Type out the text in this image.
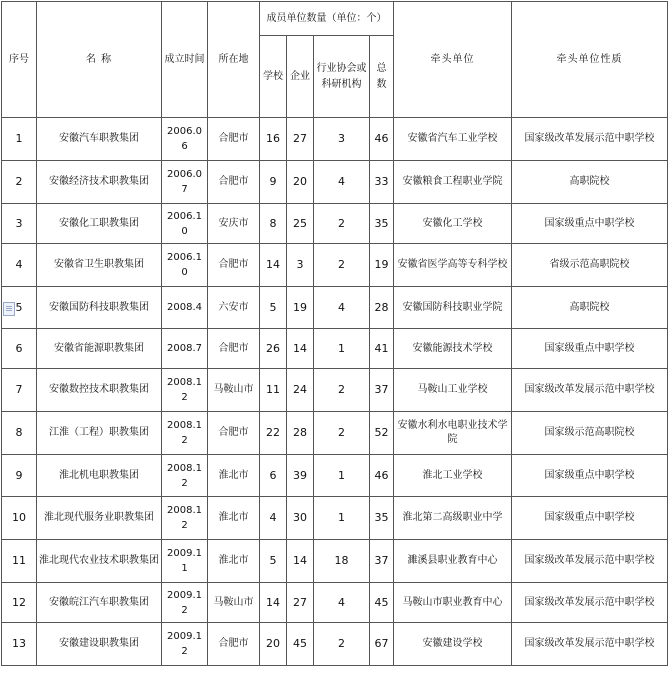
序号	名 称	成立时间	所在地	成员单位数量（单位：个）				牵头单位	牵头单位性质
				学校	企业	行业协会或科研机构	总数		
1	安徽汽车职教集团	2006.06	合肥市	16	27	3	46	安徽省汽车工业学校	国家级改革发展示范中职学校
2	安徽经济技术职教集团	2006.07	合肥市	9	20	4	33	安徽粮食工程职业学院	高职院校
3	安徽化工职教集团	2006.10	安庆市	8	25	2	35	安徽化工学校	国家级重点中职学校
4	安徽省卫生职教集团	2006.10	合肥市	14	3	2	19	安徽省医学高等专科学校	省级示范高职院校
5	安徽国防科技职教集团	2008.4	六安市	5	19	4	28	安徽国防科技职业学院	高职院校
6	安徽省能源职教集团	2008.7	合肥市	26	14	1	41	安徽能源技术学校	国家级重点中职学校
7	安徽数控技术职教集团	2008.12	马鞍山市	11	24	2	37	马鞍山工业学校	国家级改革发展示范中职学校
8	江淮（工程）职教集团	2008.12	合肥市	22	28	2	52	安徽水利水电职业技术学院	国家级示范高职院校
9	淮北机电职教集团	2008.12	淮北市	6	39	1	46	淮北工业学校	国家级重点中职学校
10	淮北现代服务业职教集团	2008.12	淮北市	4	30	1	35	淮北第二高级职业中学	国家级重点中职学校
11	淮北现代农业技术职教集团	2009.11	淮北市	5	14	18	37	濉溪县职业教育中心	国家级改革发展示范中职学校
12	安徽皖江汽车职教集团	2009.12	马鞍山市	14	27	4	45	马鞍山市职业教育中心	国家级改革发展示范中职学校
13	安徽建设职教集团	2009.12	合肥市	20	45	2	67	安徽建设学校	国家级改革发展示范中职学校
